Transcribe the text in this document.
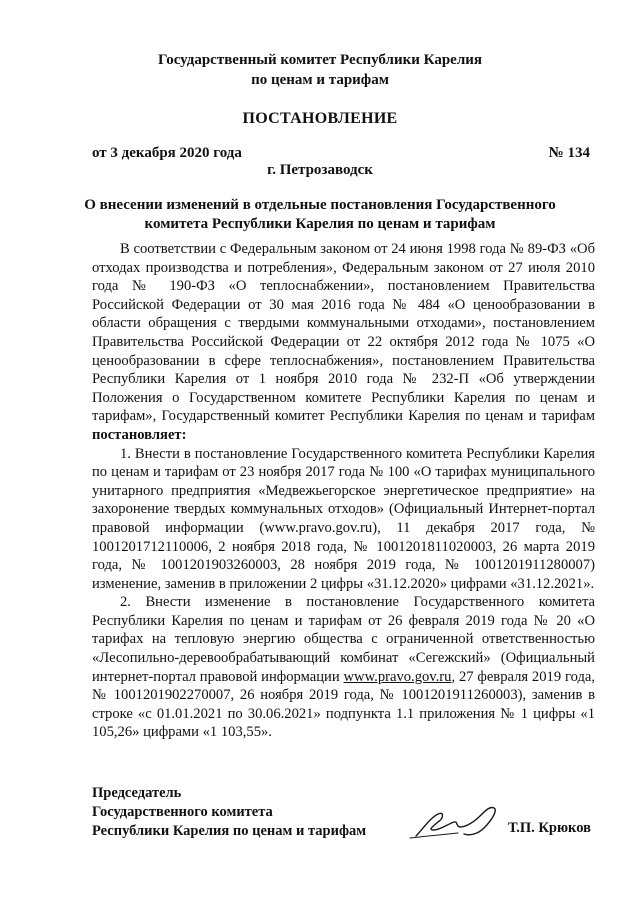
Государственный комитет Республики Карелия
по ценам и тарифам
ПОСТАНОВЛЕНИЕ
от 3 декабря 2020 года	№ 134
г. Петрозаводск
О внесении изменений в отдельные постановления Государственного
комитета Республики Карелия по ценам и тарифам

В соответствии с Федеральным законом от 24 июня 1998 года № 89-ФЗ «Об отходах производства и потребления», Федеральным законом от 27 июля 2010 года № 190-ФЗ «О теплоснабжении», постановлением Правительства Российской Федерации от 30 мая 2016 года № 484 «О ценообразовании в области обращения с твердыми коммунальными отходами», постановлением Правительства Российской Федерации от 22 октября 2012 года № 1075 «О ценообразовании в сфере теплоснабжения», постановлением Правительства Республики Карелия от 1 ноября 2010 года № 232-П «Об утверждении Положения о Государственном комитете Республики Карелия по ценам и тарифам», Государственный комитет Республики Карелия по ценам и тарифам постановляет:

1. Внести в постановление Государственного комитета Республики Карелия по ценам и тарифам от 23 ноября 2017 года № 100 «О тарифах муниципального унитарного предприятия «Медвежьегорское энергетическое предприятие» на захоронение твердых коммунальных отходов» (Официальный Интернет-портал правовой информации (www.pravo.gov.ru), 11 декабря 2017 года, № 1001201712110006, 2 ноября 2018 года, № 1001201811020003, 26 марта 2019 года, № 1001201903260003, 28 ноября 2019 года, № 1001201911280007) изменение, заменив в приложении 2 цифры «31.12.2020» цифрами «31.12.2021».

2. Внести изменение в постановление Государственного комитета Республики Карелия по ценам и тарифам от 26 февраля 2019 года № 20 «О тарифах на тепловую энергию общества с ограниченной ответственностью «Лесопильно-деревообрабатывающий комбинат «Сегежский» (Официальный интернет-портал правовой информации www.pravo.gov.ru, 27 февраля 2019 года, № 1001201902270007, 26 ноября 2019 года, № 1001201911260003), заменив в строке «с 01.01.2021 по 30.06.2021» подпункта 1.1 приложения № 1 цифры «1 105,26» цифрами «1 103,55».

Председатель
Государственного комитета
Республики Карелия по ценам и тарифам	Т.П. Крюков
